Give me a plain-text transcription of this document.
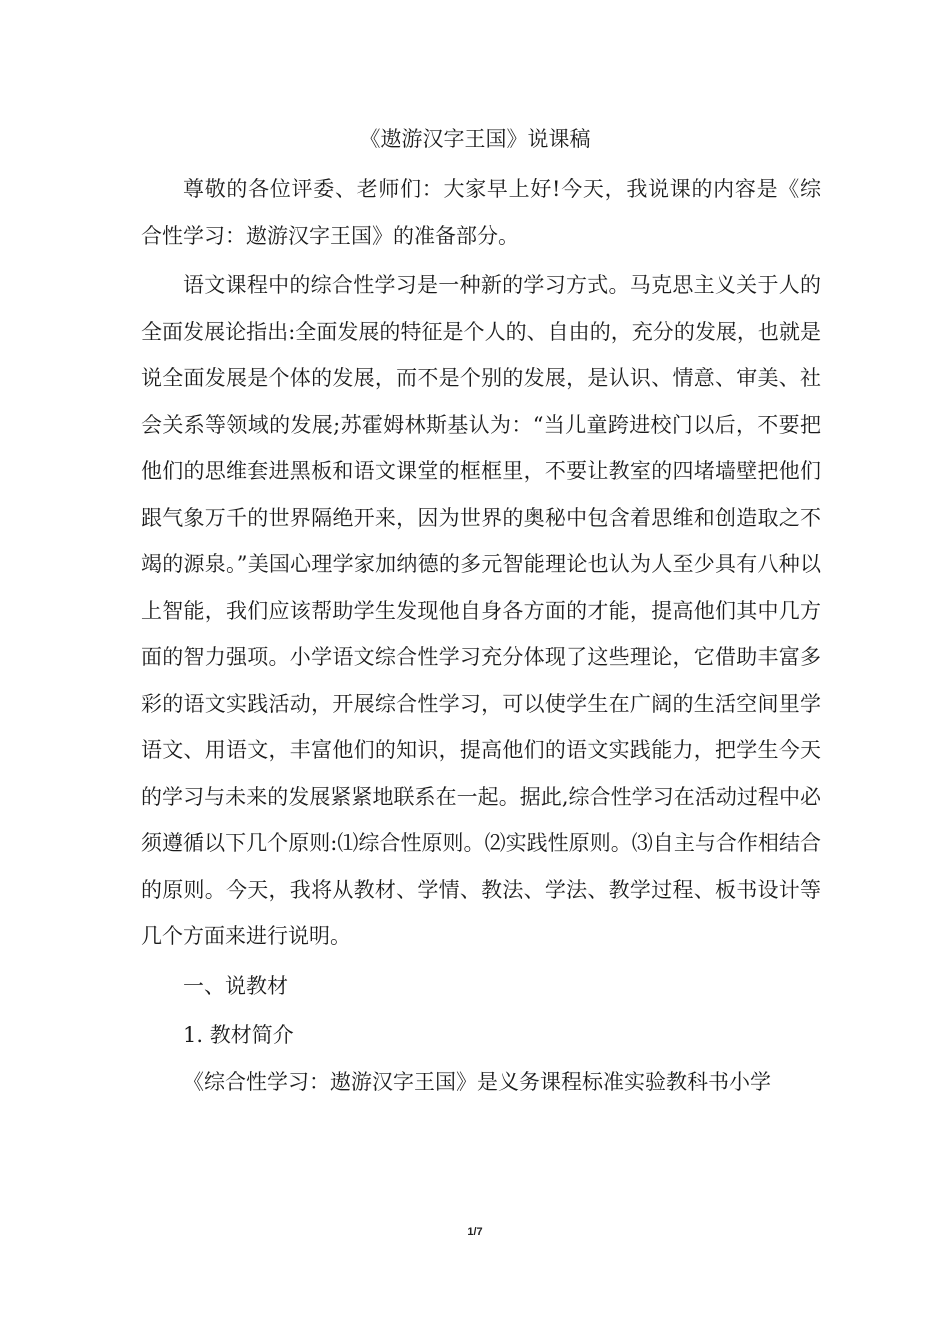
《遨游汉字王国》说课稿

尊敬的各位评委、老师们：大家早上好!今天，我说课的内容是《综合性学习：遨游汉字王国》的准备部分。

语文课程中的综合性学习是一种新的学习方式。马克思主义关于人的全面发展论指出:全面发展的特征是个人的、自由的，充分的发展，也就是说全面发展是个体的发展，而不是个别的发展，是认识、情意、审美、社会关系等领域的发展;苏霍姆林斯基认为：“当儿童跨进校门以后，不要把他们的思维套进黑板和语文课堂的框框里，不要让教室的四堵墙壁把他们跟气象万千的世界隔绝开来，因为世界的奥秘中包含着思维和创造取之不竭的源泉。”美国心理学家加纳德的多元智能理论也认为人至少具有八种以上智能，我们应该帮助学生发现他自身各方面的才能，提高他们其中几方面的智力强项。小学语文综合性学习充分体现了这些理论，它借助丰富多彩的语文实践活动，开展综合性学习，可以使学生在广阔的生活空间里学语文、用语文，丰富他们的知识，提高他们的语文实践能力，把学生今天的学习与未来的发展紧紧地联系在一起。据此,综合性学习在活动过程中必须遵循以下几个原则:⑴综合性原则。⑵实践性原则。⑶自主与合作相结合的原则。今天，我将从教材、学情、教法、学法、教学过程、板书设计等几个方面来进行说明。

一、说教材

1. 教材简介

《综合性学习：遨游汉字王国》是义务课程标准实验教科书小学

1/7
